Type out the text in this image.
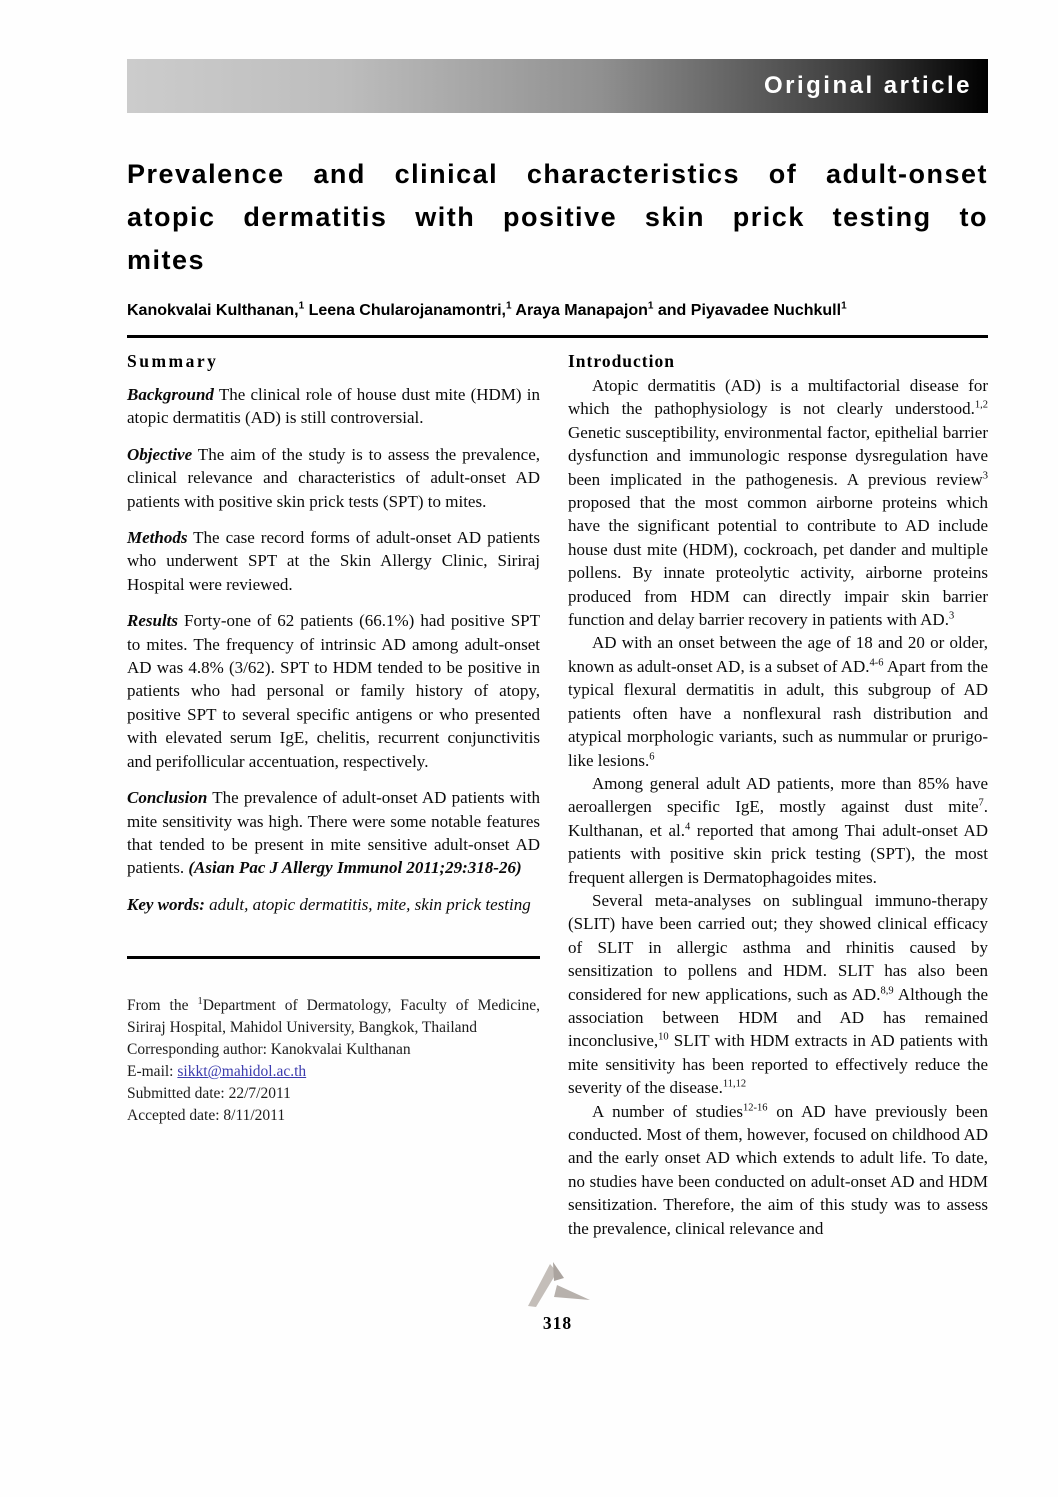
Original article
Prevalence and clinical characteristics of adult-onset atopic dermatitis with positive skin prick testing to mites
Kanokvalai Kulthanan,$^1$ Leena Chularojanamontri,$^1$ Araya Manapajon$^1$ and Piyavadee Nuchkull$^1$
Summary

Background The clinical role of house dust mite (HDM) in atopic dermatitis (AD) is still controversial.

Objective The aim of the study is to assess the prevalence, clinical relevance and characteristics of adult-onset AD patients with positive skin prick tests (SPT) to mites.

Methods The case record forms of adult-onset AD patients who underwent SPT at the Skin Allergy Clinic, Siriraj Hospital were reviewed.

Results Forty-one of 62 patients (66.1%) had positive SPT to mites. The frequency of intrinsic AD among adult-onset AD was 4.8% (3/62). SPT to HDM tended to be positive in patients who had personal or family history of atopy, positive SPT to several specific antigens or who presented with elevated serum IgE, chelitis, recurrent conjunctivitis and perifollicular accentuation, respectively.

Conclusion The prevalence of adult-onset AD patients with mite sensitivity was high. There were some notable features that tended to be present in mite sensitive adult-onset AD patients. (Asian Pac J Allergy Immunol 2011;29:318-26)

Key words: adult, atopic dermatitis, mite, skin prick testing

From the $^1$Department of Dermatology, Faculty of Medicine, Siriraj Hospital, Mahidol University, Bangkok, Thailand

Corresponding author: Kanokvalai Kulthanan
E-mail: sikkt@mahidol.ac.th
Submitted date: 22/7/2011
Accepted date: 8/11/2011
Introduction

Atopic dermatitis (AD) is a multifactorial disease for which the pathophysiology is not clearly understood.$^{1,2}$ Genetic susceptibility, environmental factor, epithelial barrier dysfunction and immunologic response dysregulation have been implicated in the pathogenesis. A previous review$^3$ proposed that the most common airborne proteins which have the significant potential to contribute to AD include house dust mite (HDM), cockroach, pet dander and multiple pollens. By innate proteolytic activity, airborne proteins produced from HDM can directly impair skin barrier function and delay barrier recovery in patients with AD.$^3$

AD with an onset between the age of 18 and 20 or older, known as adult-onset AD, is a subset of AD.$^{4-6}$ Apart from the typical flexural dermatitis in adult, this subgroup of AD patients often have a nonflexural rash distribution and atypical morphologic variants, such as nummular or prurigo-like lesions.$^6$

Among general adult AD patients, more than 85% have aeroallergen specific IgE, mostly against dust mite$^7$. Kulthanan, et al.$^4$ reported that among Thai adult-onset AD patients with positive skin prick testing (SPT), the most frequent allergen is Dermatophagoides mites.

Several meta-analyses on sublingual immuno-therapy (SLIT) have been carried out; they showed clinical efficacy of SLIT in allergic asthma and rhinitis caused by sensitization to pollens and HDM. SLIT has also been considered for new applications, such as AD.$^{8,9}$ Although the association between HDM and AD has remained inconclusive,$^{10}$ SLIT with HDM extracts in AD patients with mite sensitivity has been reported to effectively reduce the severity of the disease.$^{11,12}$

A number of studies$^{12-16}$ on AD have previously been conducted. Most of them, however, focused on childhood AD and the early onset AD which extends to adult life. To date, no studies have been conducted on adult-onset AD and HDM sensitization. Therefore, the aim of this study was to assess the prevalence, clinical relevance and

318
